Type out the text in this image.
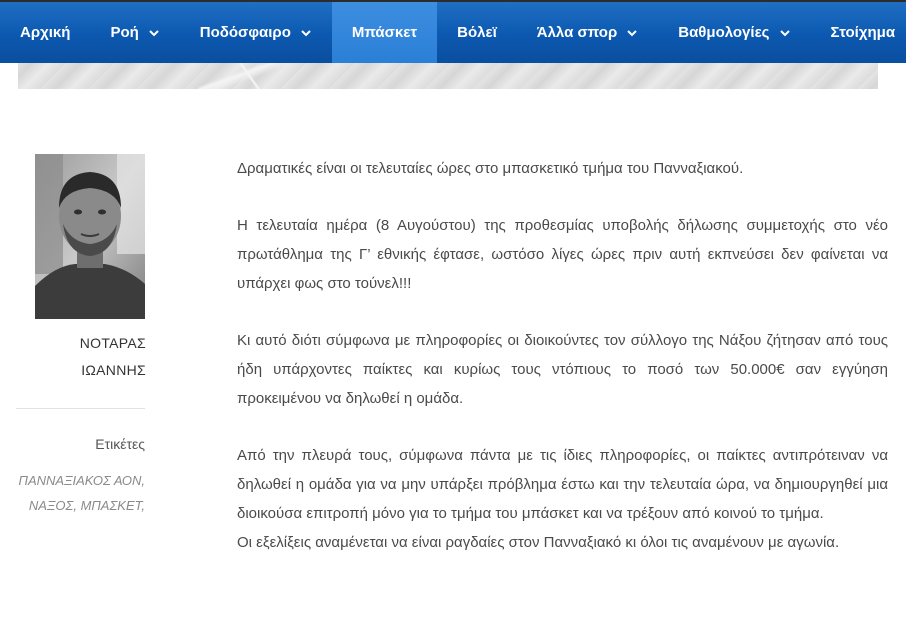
Αρχική	Ροή	Ποδόσφαιρο	Μπάσκετ	Βόλεϊ	Άλλα σπορ	Βαθμολογίες	Στοίχημα
ΝΟΤΑΡΑΣ
ΙΩΑΝΝΗΣ
Ετικέτες
ΠΑΝΝΑΞΙΑΚΟΣ ΑΟΝ,
ΝΑΞΟΣ, ΜΠΑΣΚΕΤ,

Δραματικές είναι οι τελευταίες ώρες στο μπασκετικό τμήμα του Πανναξιακού.

Η τελευταία ημέρα (8 Αυγούστου) της προθεσμίας υποβολής δήλωσης συμμετοχής στο νέο πρωτάθλημα της Γ’ εθνικής έφτασε, ωστόσο λίγες ώρες πριν αυτή εκπνεύσει δεν φαίνεται να υπάρχει φως στο τούνελ!!!

Κι αυτό διότι σύμφωνα με πληροφορίες οι διοικούντες τον σύλλογο της Νάξου ζήτησαν από τους ήδη υπάρχοντες παίκτες και κυρίως τους ντόπιους το ποσό των 50.000€ σαν εγγύηση προκειμένου να δηλωθεί η ομάδα.

Από την πλευρά τους, σύμφωνα πάντα με τις ίδιες πληροφορίες, οι παίκτες αντιπρότειναν να δηλωθεί η ομάδα για να μην υπάρξει πρόβλημα έστω και την τελευταία ώρα, να δημιουργηθεί μια διοικούσα επιτροπή μόνο για το τμήμα του μπάσκετ και να τρέξουν από κοινού το τμήμα.

Οι εξελίξεις αναμένεται να είναι ραγδαίες στον Πανναξιακό κι όλοι τις αναμένουν με αγωνία.
